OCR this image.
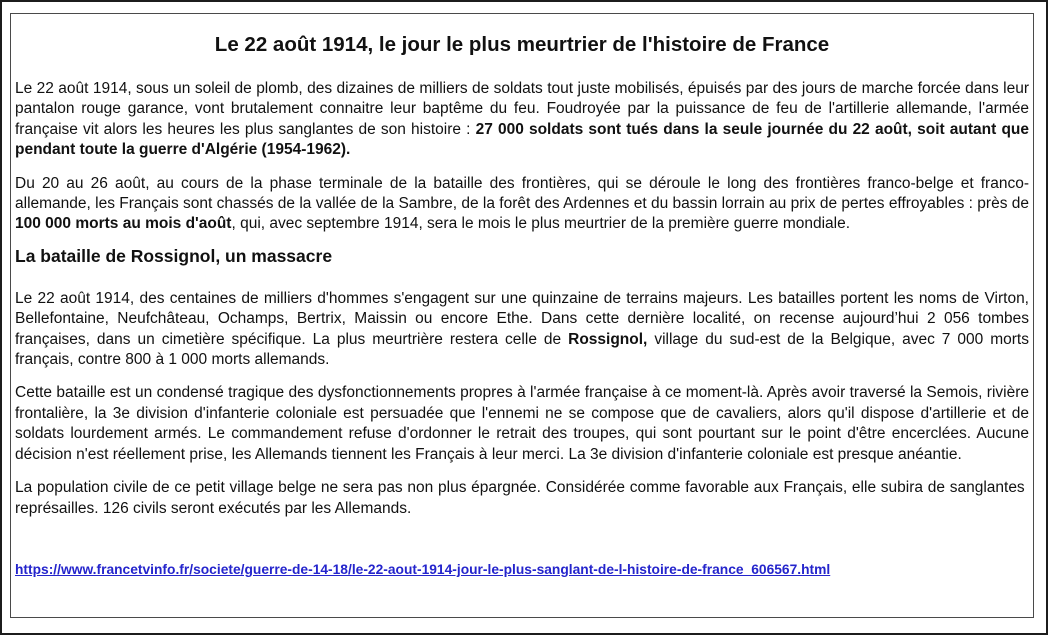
Le 22 août 1914, le jour le plus meurtrier de l'histoire de France

Le 22 août 1914, sous un soleil de plomb, des dizaines de milliers de soldats tout juste mobilisés, épuisés par des jours de marche forcée dans leur pantalon rouge garance, vont brutalement connaitre leur baptême du feu. Foudroyée par la puissance de feu de l'artillerie allemande, l'armée française vit alors les heures les plus sanglantes de son histoire : 27 000 soldats sont tués dans la seule journée du 22 août, soit autant que pendant toute la guerre d'Algérie (1954-1962).

Du 20 au 26 août, au cours de la phase terminale de la bataille des frontières, qui se déroule le long des frontières franco-belge et franco-allemande, les Français sont chassés de la vallée de la Sambre, de la forêt des Ardennes et du bassin lorrain au prix de pertes effroyables : près de 100 000 morts au mois d'août, qui, avec septembre 1914, sera le mois le plus meurtrier de la première guerre mondiale.

La bataille de Rossignol, un massacre

Le 22 août 1914, des centaines de milliers d'hommes s'engagent sur une quinzaine de terrains majeurs. Les batailles portent les noms de Virton, Bellefontaine, Neufchâteau, Ochamps, Bertrix, Maissin ou encore Ethe. Dans cette dernière localité, on recense aujourd’hui 2 056 tombes françaises, dans un cimetière spécifique. La plus meurtrière restera celle de Rossignol, village du sud-est de la Belgique, avec 7 000 morts français, contre 800 à 1 000 morts allemands.

Cette bataille est un condensé tragique des dysfonctionnements propres à l'armée française à ce moment-là. Après avoir traversé la Semois, rivière frontalière, la 3e division d'infanterie coloniale est persuadée que l'ennemi ne se compose que de cavaliers, alors qu'il dispose d'artillerie et de soldats lourdement armés. Le commandement refuse d'ordonner le retrait des troupes, qui sont pourtant sur le point d'être encerclées. Aucune décision n'est réellement prise, les Allemands tiennent les Français à leur merci. La 3e division d'infanterie coloniale est presque anéantie.

La population civile de ce petit village belge ne sera pas non plus épargnée. Considérée comme favorable aux Français, elle subira de sanglantes  représailles. 126 civils seront exécutés par les Allemands.

https://www.francetvinfo.fr/societe/guerre-de-14-18/le-22-aout-1914-jour-le-plus-sanglant-de-l-histoire-de-france_606567.html
